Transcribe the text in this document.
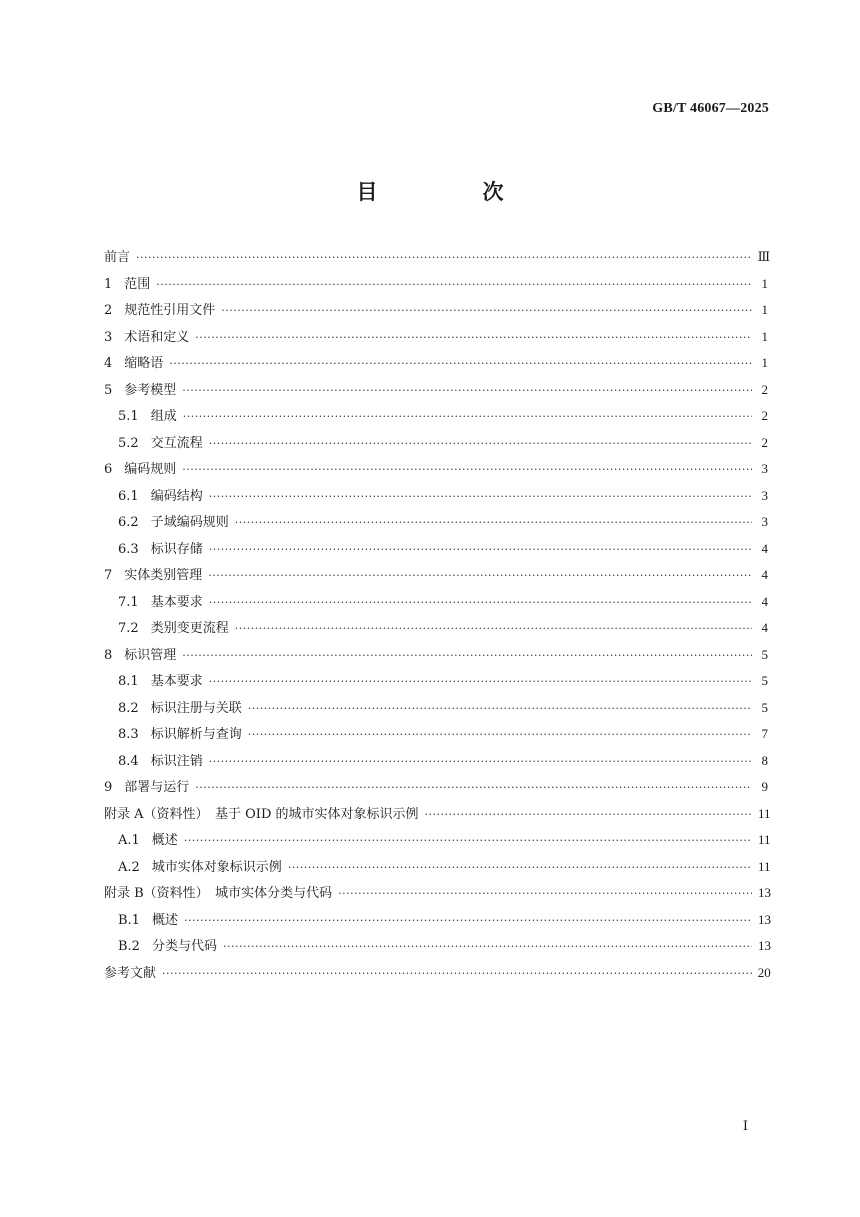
GB/T 46067—2025
目　次
前言 ·····	Ⅲ
1 范围 ·····	1
2 规范性引用文件 ·····	1
3 术语和定义 ·····	1
4 缩略语 ·····	1
5 参考模型 ·····	2
5.1 组成 ·····	2
5.2 交互流程 ·····	2
6 编码规则 ·····	3
6.1 编码结构 ·····	3
6.2 子域编码规则 ·····	3
6.3 标识存储 ·····	4
7 实体类别管理 ·····	4
7.1 基本要求 ·····	4
7.2 类别变更流程 ·····	4
8 标识管理 ·····	5
8.1 基本要求 ·····	5
8.2 标识注册与关联 ·····	5
8.3 标识解析与查询 ·····	7
8.4 标识注销 ·····	8
9 部署与运行 ·····	9
附录 A（资料性）　基于 OID 的城市实体对象标识示例 ·····	11
A.1 概述 ·····	11
A.2 城市实体对象标识示例 ·····	11
附录 B（资料性）　城市实体分类与代码 ·····	13
B.1 概述 ·····	13
B.2 分类与代码 ·····	13
参考文献 ·····	20
Ⅰ
